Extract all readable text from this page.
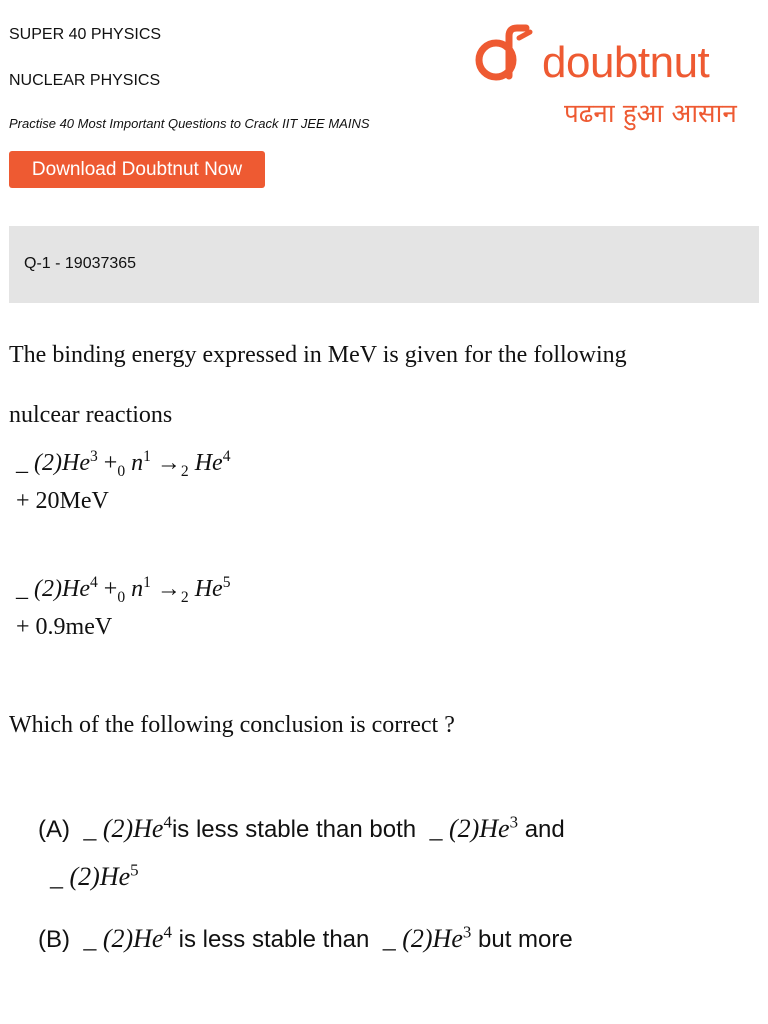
SUPER 40 PHYSICS
NUCLEAR PHYSICS
Practise 40 Most Important Questions to Crack IIT JEE MAINS
Download Doubtnut Now
doubtnut
पढना हुआ आसान
Q-1 - 19037365
The binding energy expressed in MeV is given for the following
nulcear reactions
_ $(2)He^3 +_0$ $n^1 \to_2$ $He^4$
+ 20MeV
_ $(2)He^4 +_0$ $n^1 \to_2$ $He^5$
+ 0.9meV
Which of the following conclusion is correct ?
(A) _ (2)He$^4$is less stable than both _ (2)He$^3$ and
_ (2)He$^5$
(B) _ (2)He$^4$ is less stable than _ (2)He$^3$ but more
